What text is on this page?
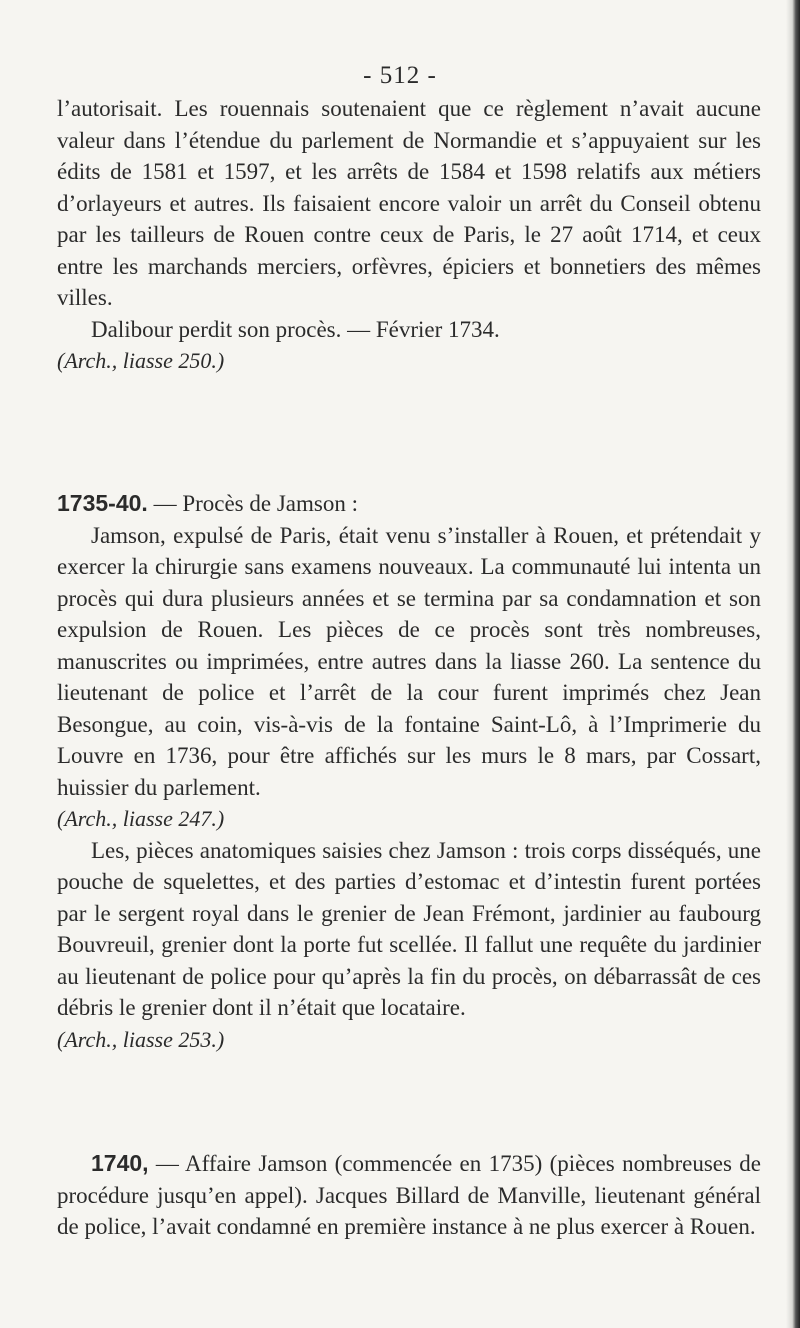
- 512 -

l’autorisait. Les rouennais soutenaient que ce règlement n’avait aucune valeur dans l’étendue du parlement de Normandie et s’appuyaient sur les édits de 1581 et 1597, et les arrêts de 1584 et 1598 relatifs aux métiers d’orlayeurs et autres. Ils faisaient encore valoir un arrêt du Conseil obtenu par les tailleurs de Rouen contre ceux de Paris, le 27 août 1714, et ceux entre les marchands merciers, orfèvres, épiciers et bonnetiers des mêmes villes.

Dalibour perdit son procès. — Février 1734.

(Arch., liasse 250.)

1735-40. — Procès de Jamson :

Jamson, expulsé de Paris, était venu s’installer à Rouen, et prétendait y exercer la chirurgie sans examens nouveaux. La communauté lui intenta un procès qui dura plusieurs années et se termina par sa condamnation et son expulsion de Rouen. Les pièces de ce procès sont très nombreuses, manuscrites ou imprimées, entre autres dans la liasse 260. La sentence du lieutenant de police et l’arrêt de la cour furent imprimés chez Jean Besongue, au coin, vis-à-vis de la fontaine Saint-Lô, à l’Imprimerie du Louvre en 1736, pour être affichés sur les murs le 8 mars, par Cossart, huissier du parlement.

(Arch., liasse 247.)

Les, pièces anatomiques saisies chez Jamson : trois corps disséqués, une pouche de squelettes, et des parties d’estomac et d’intestin furent portées par le sergent royal dans le grenier de Jean Frémont, jardinier au faubourg Bouvreuil, grenier dont la porte fut scellée. Il fallut une requête du jardinier au lieutenant de police pour qu’après la fin du procès, on débarrassât de ces débris le grenier dont il n’était que locataire.

(Arch., liasse 253.)

1740, — Affaire Jamson (commencée en 1735) (pièces nombreuses de procédure jusqu’en appel). Jacques Billard de Manville, lieutenant général de police, l’avait condamné en première instance à ne plus exercer à Rouen.
